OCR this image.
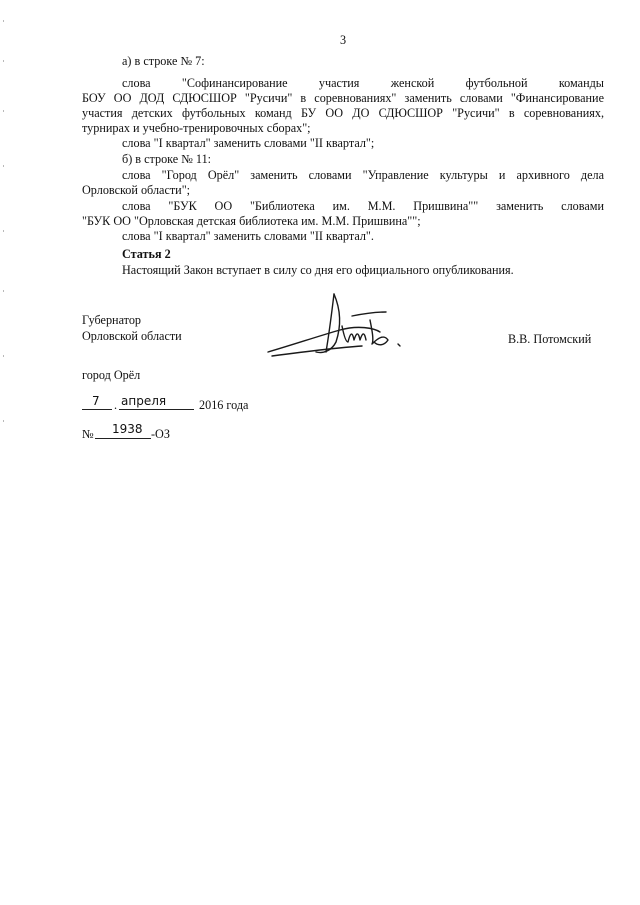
3
а) в строке № 7:
слова "Софинансирование участия женской футбольной команды
БОУ ОО ДОД СДЮСШОР "Русичи" в соревнованиях" заменить словами "Финансирование
участия детских футбольных команд БУ ОО ДО СДЮСШОР "Русичи" в соревнованиях,
турнирах и учебно-тренировочных сборах";
слова "I квартал" заменить словами "II квартал";
б) в строке № 11:
слова "Город Орёл" заменить словами "Управление культуры и архивного дела
Орловской области";
слова "БУК ОО "Библиотека им. М.М. Пришвина"" заменить словами
"БУК ОО "Орловская детская библиотека им. М.М. Пришвина"";
слова "I квартал" заменить словами "II квартал".
Статья 2
Настоящий Закон вступает в силу со дня его официального опубликования.
Губернатор
Орловской области	В.В. Потомский
город Орёл
7 . апреля	2016 года
№ 1938 -ОЗ
